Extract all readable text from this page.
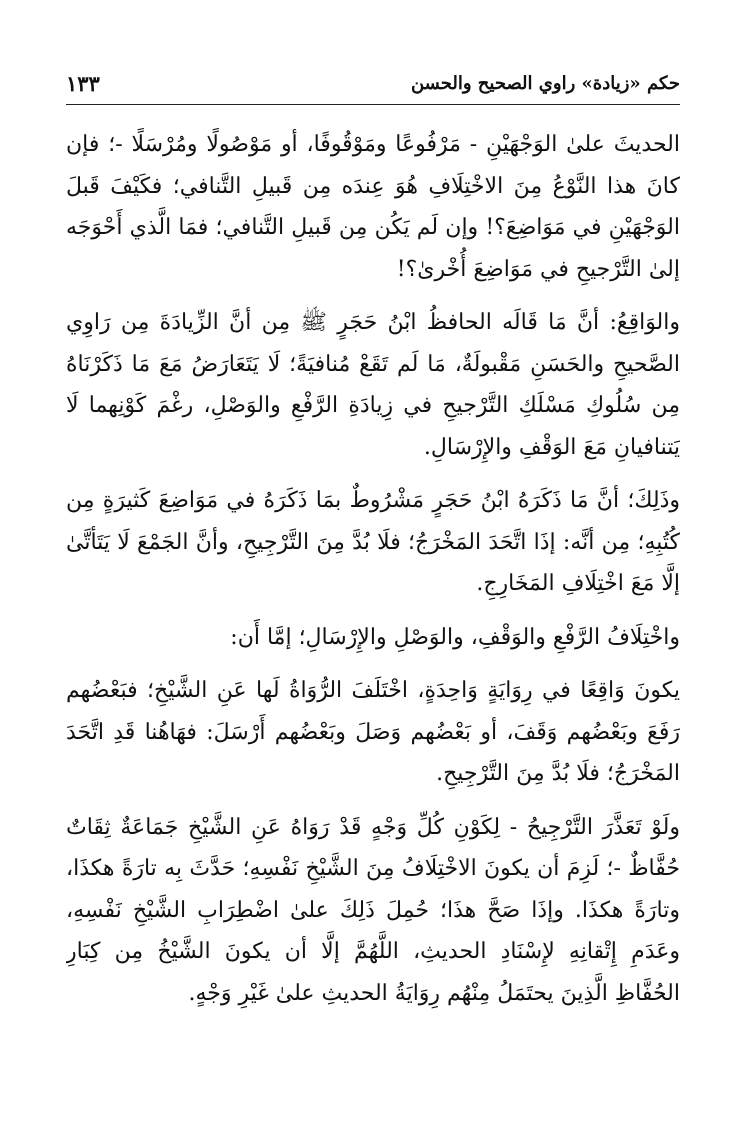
حكم «زيادة» راوي الصحيح والحسن
١٣٣

الحديثَ علىٰ الوَجْهَيْنِ - مَرْفُوعًا ومَوْقُوفًا، أو مَوْصُولًا ومُرْسَلًا -؛ فإن كانَ هذا النَّوْعُ مِنَ الاخْتِلَافِ هُوَ عِندَه مِن قَبيلِ التَّنافي؛ فكَيْفَ قَبلَ الوَجْهَيْنِ في مَوَاضِعَ؟! وإن لَم يَكُن مِن قَبيلِ التَّنافي؛ فمَا الَّذي أَحْوَجَه إلىٰ التَّرْجيحِ في مَوَاضِعَ أُخْرىٰ؟!

والوَاقِعُ: أنَّ مَا قَالَه الحافظُ ابْنُ حَجَرٍ ﷺ مِن أنَّ الزِّيادَةَ مِن رَاوِي الصَّحيحِ والحَسَنِ مَقْبولَةٌ، مَا لَم تَقَعْ مُنافيَةً؛ لَا يَتَعَارَضُ مَعَ مَا ذَكَرْنَاهُ مِن سُلُوكِ مَسْلَكِ التَّرْجيحِ في زِيادَةِ الرَّفْعِ والوَصْلِ، رغْمَ كَوْنِهما لَا يَتنافيانِ مَعَ الوَقْفِ والإِرْسَالِ.

وذَلِكَ؛ أنَّ مَا ذَكَرَهُ ابْنُ حَجَرٍ مَشْرُوطٌ بمَا ذَكَرَهُ في مَوَاضِعَ كَثيرَةٍ مِن كُتُبِهِ؛ مِن أنَّه: إذَا اتَّحَدَ المَخْرَجُ؛ فلَا بُدَّ مِنَ التَّرْجِيحِ، وأنَّ الجَمْعَ لَا يَتَأتَّىٰ إلَّا مَعَ اخْتِلَافِ المَخَارِجِ.

واخْتِلَافُ الرَّفْعِ والوَقْفِ، والوَصْلِ والإِرْسَالِ؛ إمَّا أَن:

يكونَ وَاقِعًا في رِوَايَةٍ وَاحِدَةٍ، اخْتَلَفَ الرُّوَاةُ لَها عَنِ الشَّيْخِ؛ فبَعْضُهم رَفَعَ وبَعْضُهم وَقَفَ، أو بَعْضُهم وَصَلَ وبَعْضُهم أَرْسَلَ: فهَاهُنا قَدِ اتَّحَدَ المَخْرَجُ؛ فلَا بُدَّ مِنَ التَّرْجِيحِ.

ولَوْ تَعَذَّرَ التَّرْجِيحُ - لِكَوْنِ كُلِّ وَجْهٍ قَدْ رَوَاهُ عَنِ الشَّيْخِ جَمَاعَةٌ ثِقَاتٌ حُفَّاظٌ -؛ لَزِمَ أن يكونَ الاخْتِلَافُ مِنَ الشَّيْخِ نَفْسِهِ؛ حَدَّثَ بِه تارَةً هكذَا، وتارَةً هكذَا. وإذَا صَحَّ هذَا؛ حُمِلَ ذَلِكَ علىٰ اضْطِرَابِ الشَّيْخِ نَفْسِهِ، وعَدَمِ إِتْقانِهِ لإِسْنَادِ الحديثِ، اللَّهُمَّ إلَّا أن يكونَ الشَّيْخُ مِن كِبَارِ الحُفَّاظِ الَّذِينَ يحتَمَلُ مِنْهُم رِوَايَةُ الحديثِ علىٰ غَيْرِ وَجْهٍ.
